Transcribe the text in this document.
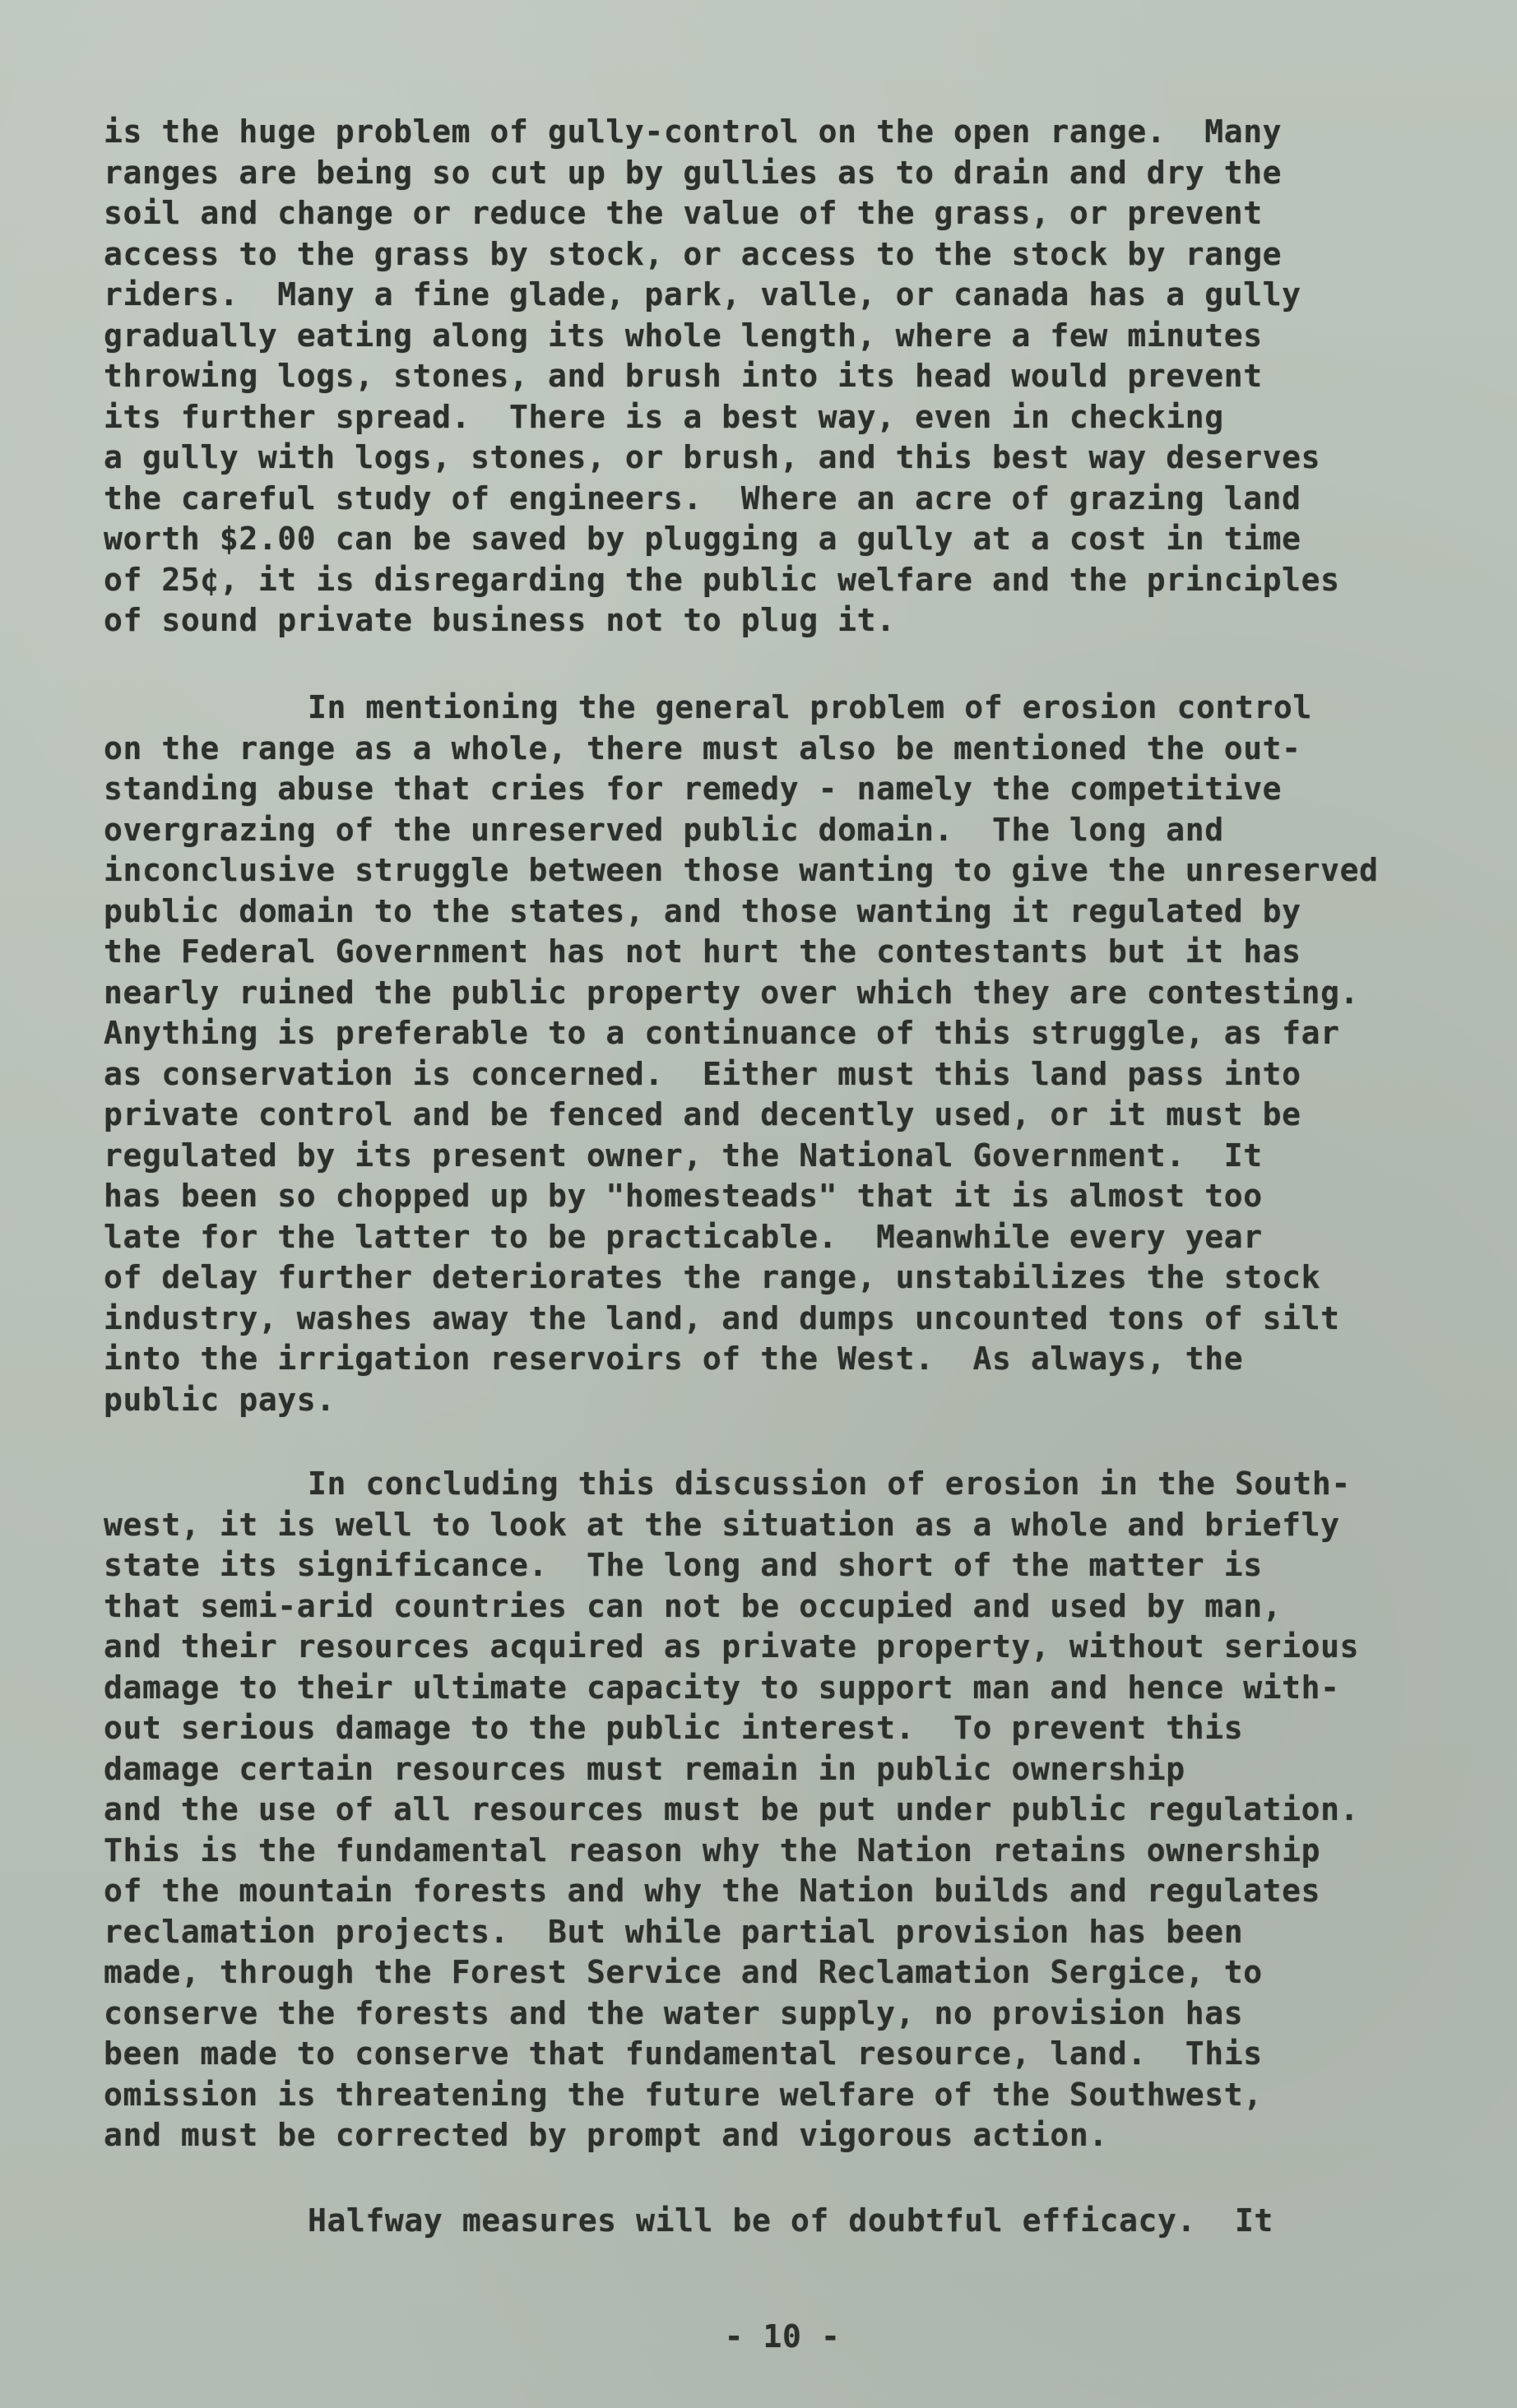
is the huge problem of gully-control on the open range.  Many
ranges are being so cut up by gullies as to drain and dry the
soil and change or reduce the value of the grass, or prevent
access to the grass by stock, or access to the stock by range
riders.  Many a fine glade, park, valle, or canada has a gully
gradually eating along its whole length, where a few minutes
throwing logs, stones, and brush into its head would prevent
its further spread.  There is a best way, even in checking
a gully with logs, stones, or brush, and this best way deserves
the careful study of engineers.  Where an acre of grazing land
worth $2.00 can be saved by plugging a gully at a cost in time
of 25¢, it is disregarding the public welfare and the principles
of sound private business not to plug it.
In mentioning the general problem of erosion control
on the range as a whole, there must also be mentioned the out-
standing abuse that cries for remedy - namely the competitive
overgrazing of the unreserved public domain.  The long and
inconclusive struggle between those wanting to give the unreserved
public domain to the states, and those wanting it regulated by
the Federal Government has not hurt the contestants but it has
nearly ruined the public property over which they are contesting.
Anything is preferable to a continuance of this struggle, as far
as conservation is concerned.  Either must this land pass into
private control and be fenced and decently used, or it must be
regulated by its present owner, the National Government.  It
has been so chopped up by "homesteads" that it is almost too
late for the latter to be practicable.  Meanwhile every year
of delay further deteriorates the range, unstabilizes the stock
industry, washes away the land, and dumps uncounted tons of silt
into the irrigation reservoirs of the West.  As always, the
public pays.
In concluding this discussion of erosion in the South-
west, it is well to look at the situation as a whole and briefly
state its significance.  The long and short of the matter is
that semi-arid countries can not be occupied and used by man,
and their resources acquired as private property, without serious
damage to their ultimate capacity to support man and hence with-
out serious damage to the public interest.  To prevent this
damage certain resources must remain in public ownership
and the use of all resources must be put under public regulation.
This is the fundamental reason why the Nation retains ownership
of the mountain forests and why the Nation builds and regulates
reclamation projects.  But while partial provision has been
made, through the Forest Service and Reclamation Sergice, to
conserve the forests and the water supply, no provision has
been made to conserve that fundamental resource, land.  This
omission is threatening the future welfare of the Southwest,
and must be corrected by prompt and vigorous action.
Halfway measures will be of doubtful efficacy.  It
- 10 -
